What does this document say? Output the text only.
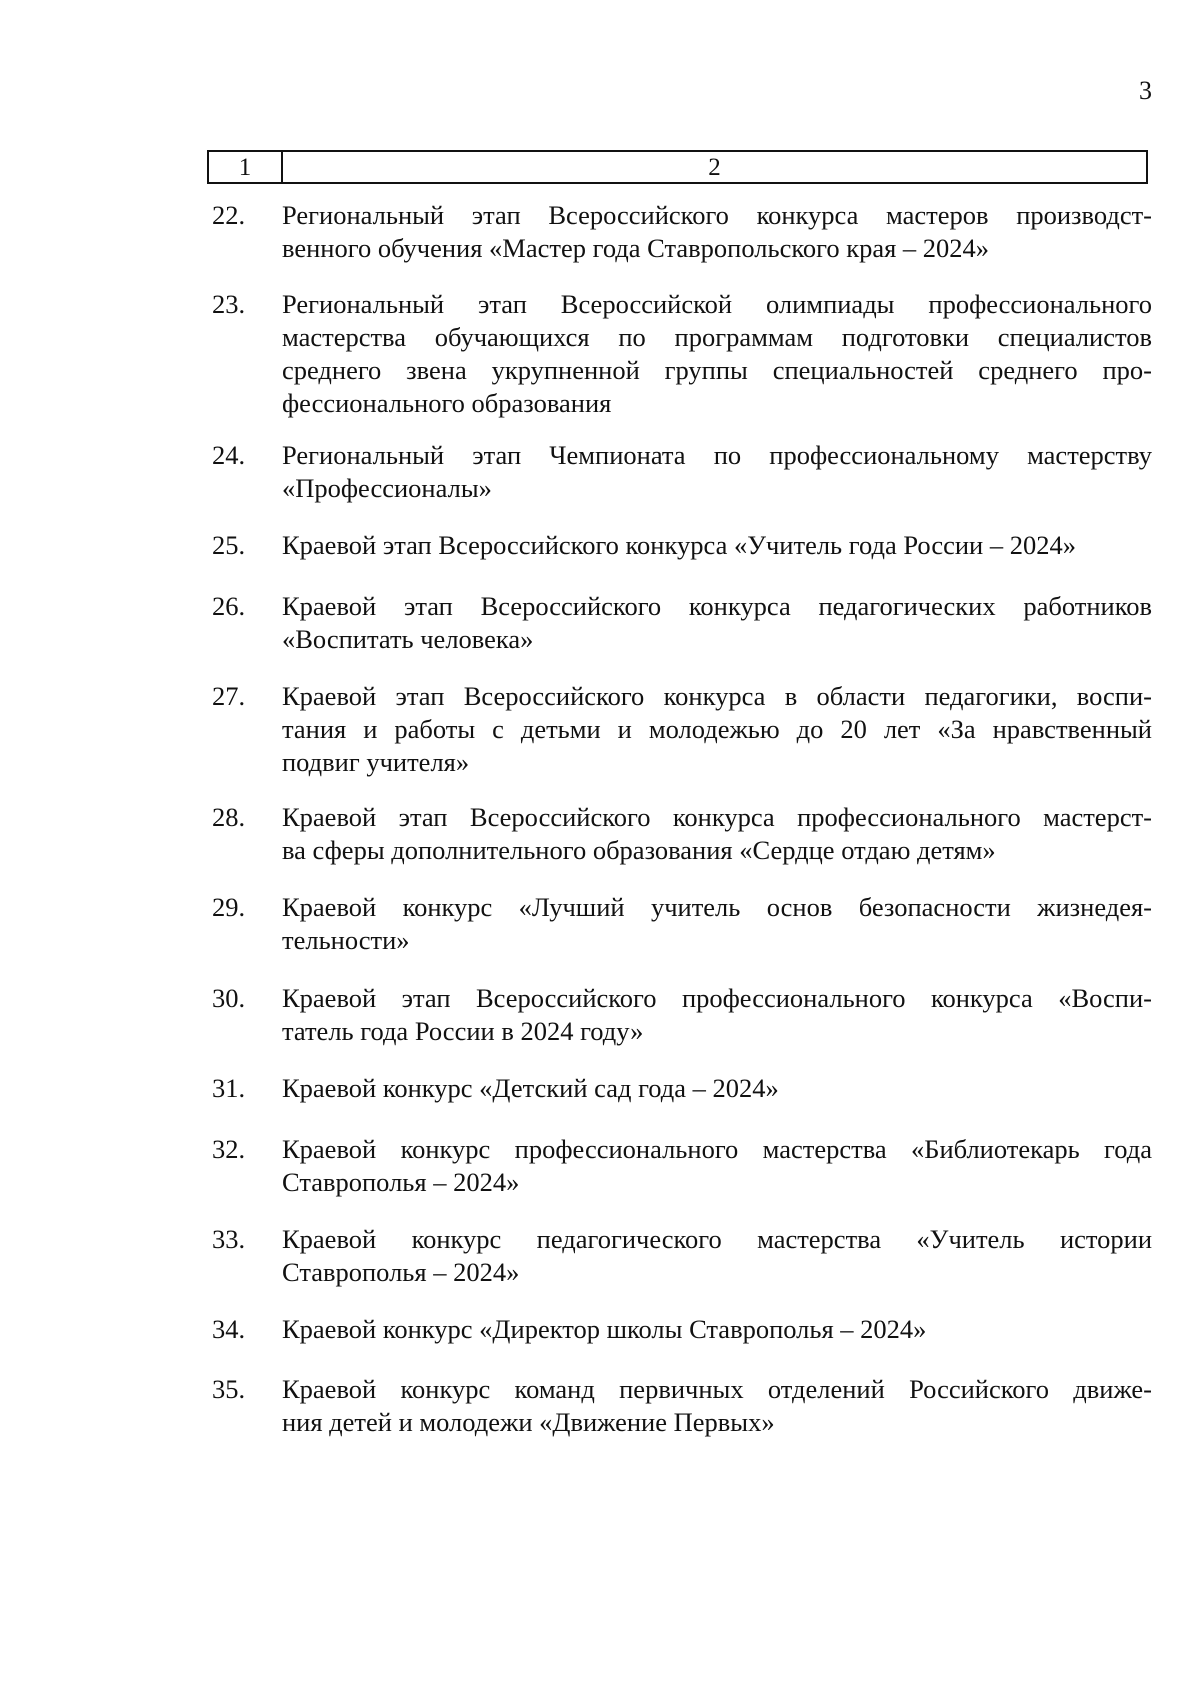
3
1	2
22.	Региональный этап Всероссийского конкурса мастеров производст-
венного обучения «Мастер года Ставропольского края – 2024»
23.	Региональный этап Всероссийской олимпиады профессионального
мастерства обучающихся по программам подготовки специалистов
среднего звена укрупненной группы специальностей среднего про-
фессионального образования
24.	Региональный этап Чемпионата по профессиональному мастерству
«Профессионалы»
25.	Краевой этап Всероссийского конкурса «Учитель года России – 2024»
26.	Краевой этап Всероссийского конкурса педагогических работников
«Воспитать человека»
27.	Краевой этап Всероссийского конкурса в области педагогики, воспи-
тания и работы с детьми и молодежью до 20 лет «За нравственный
подвиг учителя»
28.	Краевой этап Всероссийского конкурса профессионального мастерст-
ва сферы дополнительного образования «Сердце отдаю детям»
29.	Краевой конкурс «Лучший учитель основ безопасности жизнедея-
тельности»
30.	Краевой этап Всероссийского профессионального конкурса «Воспи-
татель года России в 2024 году»
31.	Краевой конкурс «Детский сад года – 2024»
32.	Краевой конкурс профессионального мастерства «Библиотекарь года
Ставрополья – 2024»
33.	Краевой конкурс педагогического мастерства «Учитель истории
Ставрополья – 2024»
34.	Краевой конкурс «Директор школы Ставрополья – 2024»
35.	Краевой конкурс команд первичных отделений Российского движе-
ния детей и молодежи «Движение Первых»
